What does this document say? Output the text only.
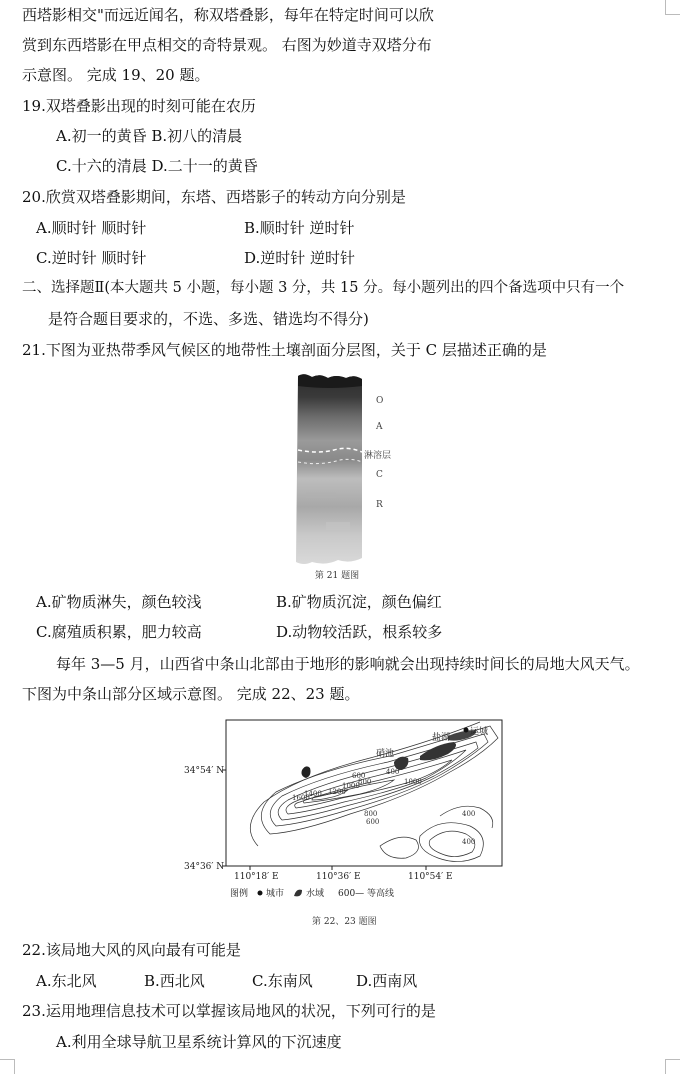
西塔影相交"而远近闻名，称双塔叠影，每年在特定时间可以欣
赏到东西塔影在甲点相交的奇特景观。 右图为妙道寺双塔分布
示意图。 完成 19、20 题。
19.双塔叠影出现的时刻可能在农历
A.初一的黄昏 B.初八的清晨
C.十六的清晨 D.二十一的黄昏
20.欣赏双塔叠影期间，东塔、西塔影子的转动方向分别是
A.顺时针 顺时针	B.顺时针 逆时针
C.逆时针 顺时针	D.逆时针 逆时针
二、选择题Ⅱ(本大题共 5 小题，每小题 3 分，共 15 分。每小题列出的四个备选项中只有一个
是符合题目要求的，不选、多选、错选均不得分)
21.下图为亚热带季风气候区的地带性土壤剖面分层图，关于 C 层描述正确的是
O
A
淋溶层
C
R
第 21 题图
A.矿物质淋失，颜色较浅	B.矿物质沉淀，颜色偏红
C.腐殖质积累，肥力较高	D.动物较活跃，根系较多
每年 3—5 月，山西省中条山北部由于地形的影响就会出现持续时间长的局地大风天气。
下图为中条山部分区域示意图。 完成 22、23 题。
34°54′ N
34°36′ N
110°18′ E	110°36′ E	110°54′ E
运城
盐湖
硝池
1600
1400 1200
1000
800
600	400
1000
800
600
400
400
图例 城市 水域 600— 等高线
第 22、23 题图
22.该局地大风的风向最有可能是
A.东北风	B.西北风	C.东南风	D.西南风
23.运用地理信息技术可以掌握该局地风的状况，下列可行的是
A.利用全球导航卫星系统计算风的下沉速度
